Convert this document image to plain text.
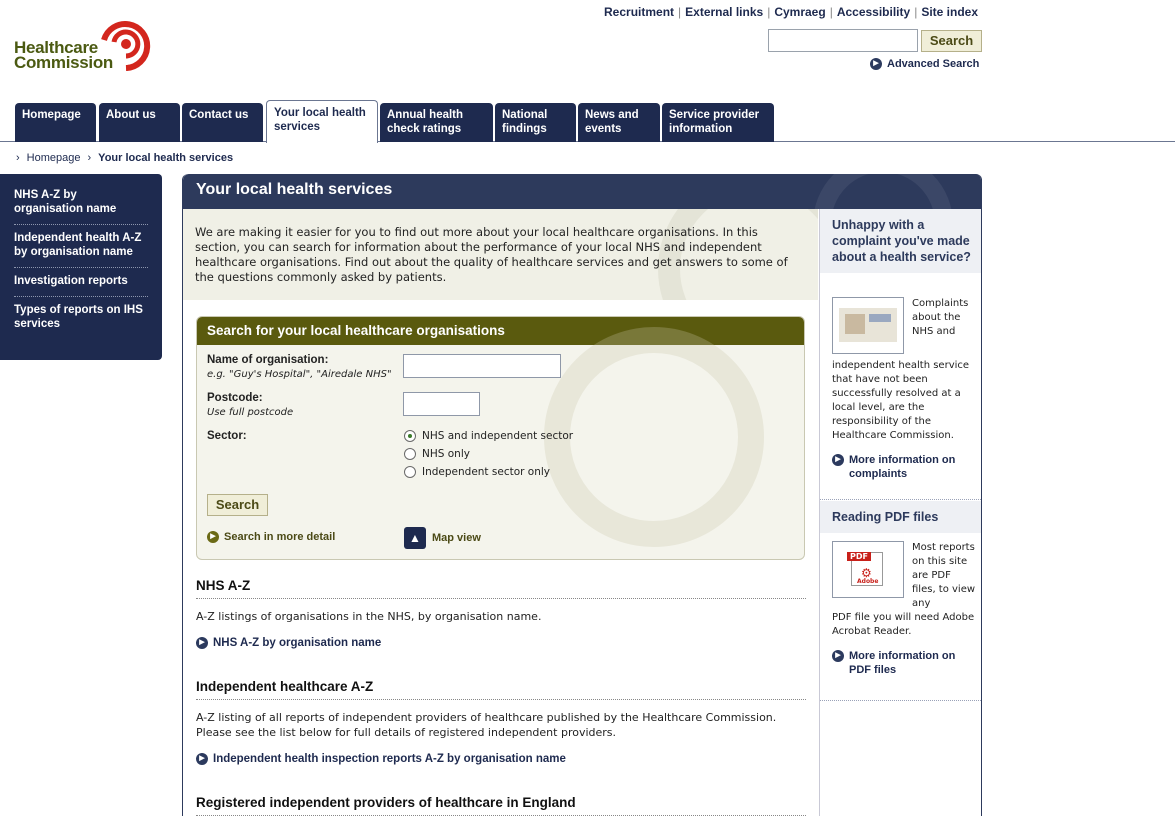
Healthcare
Commission
Recruitment | External links | Cymraeg | Accessibility | Site index
Search
▶ Advanced Search
Homepage	About us	Contact us	Your local health services
Annual health check ratings
National findings
News and events
Service provider information
› Homepage › Your local health services
NHS A-Z by organisation name
Independent health A-Z by organisation name
Investigation reports
Types of reports on IHS services
Your local health services

We are making it easier for you to find out more about your local healthcare organisations. In this section, you can search for information about the performance of your local NHS and independent healthcare organisations. Find out about the quality of healthcare services and get answers to some of the questions commonly asked by patients.

Search for your local healthcare organisations
Name of organisation:
e.g. "Guy's Hospital", "Airedale NHS"
Postcode:
Use full postcode
Sector:	NHS and independent sector
NHS only
Independent sector only
Search
▶ Search in more detail	▲	Map view
NHS A-Z

A-Z listings of organisations in the NHS, by organisation name.

▶ NHS A-Z by organisation name
Independent healthcare A-Z

A-Z listing of all reports of independent providers of healthcare published by the Healthcare Commission. Please see the list below for full details of registered independent providers.

▶ Independent health inspection reports A-Z by organisation name
Registered independent providers of healthcare in England
Unhappy with a complaint you've made about a health service?
Complaints about the NHS and
independent health service that have not been successfully resolved at a local level, are the responsibility of the Healthcare Commission.
▶ More information on complaints
Reading PDF files
PDF
⚙
Adobe
Most reports on this site are PDF files, to view any
PDF file you will need Adobe Acrobat Reader.
▶ More information on PDF files
